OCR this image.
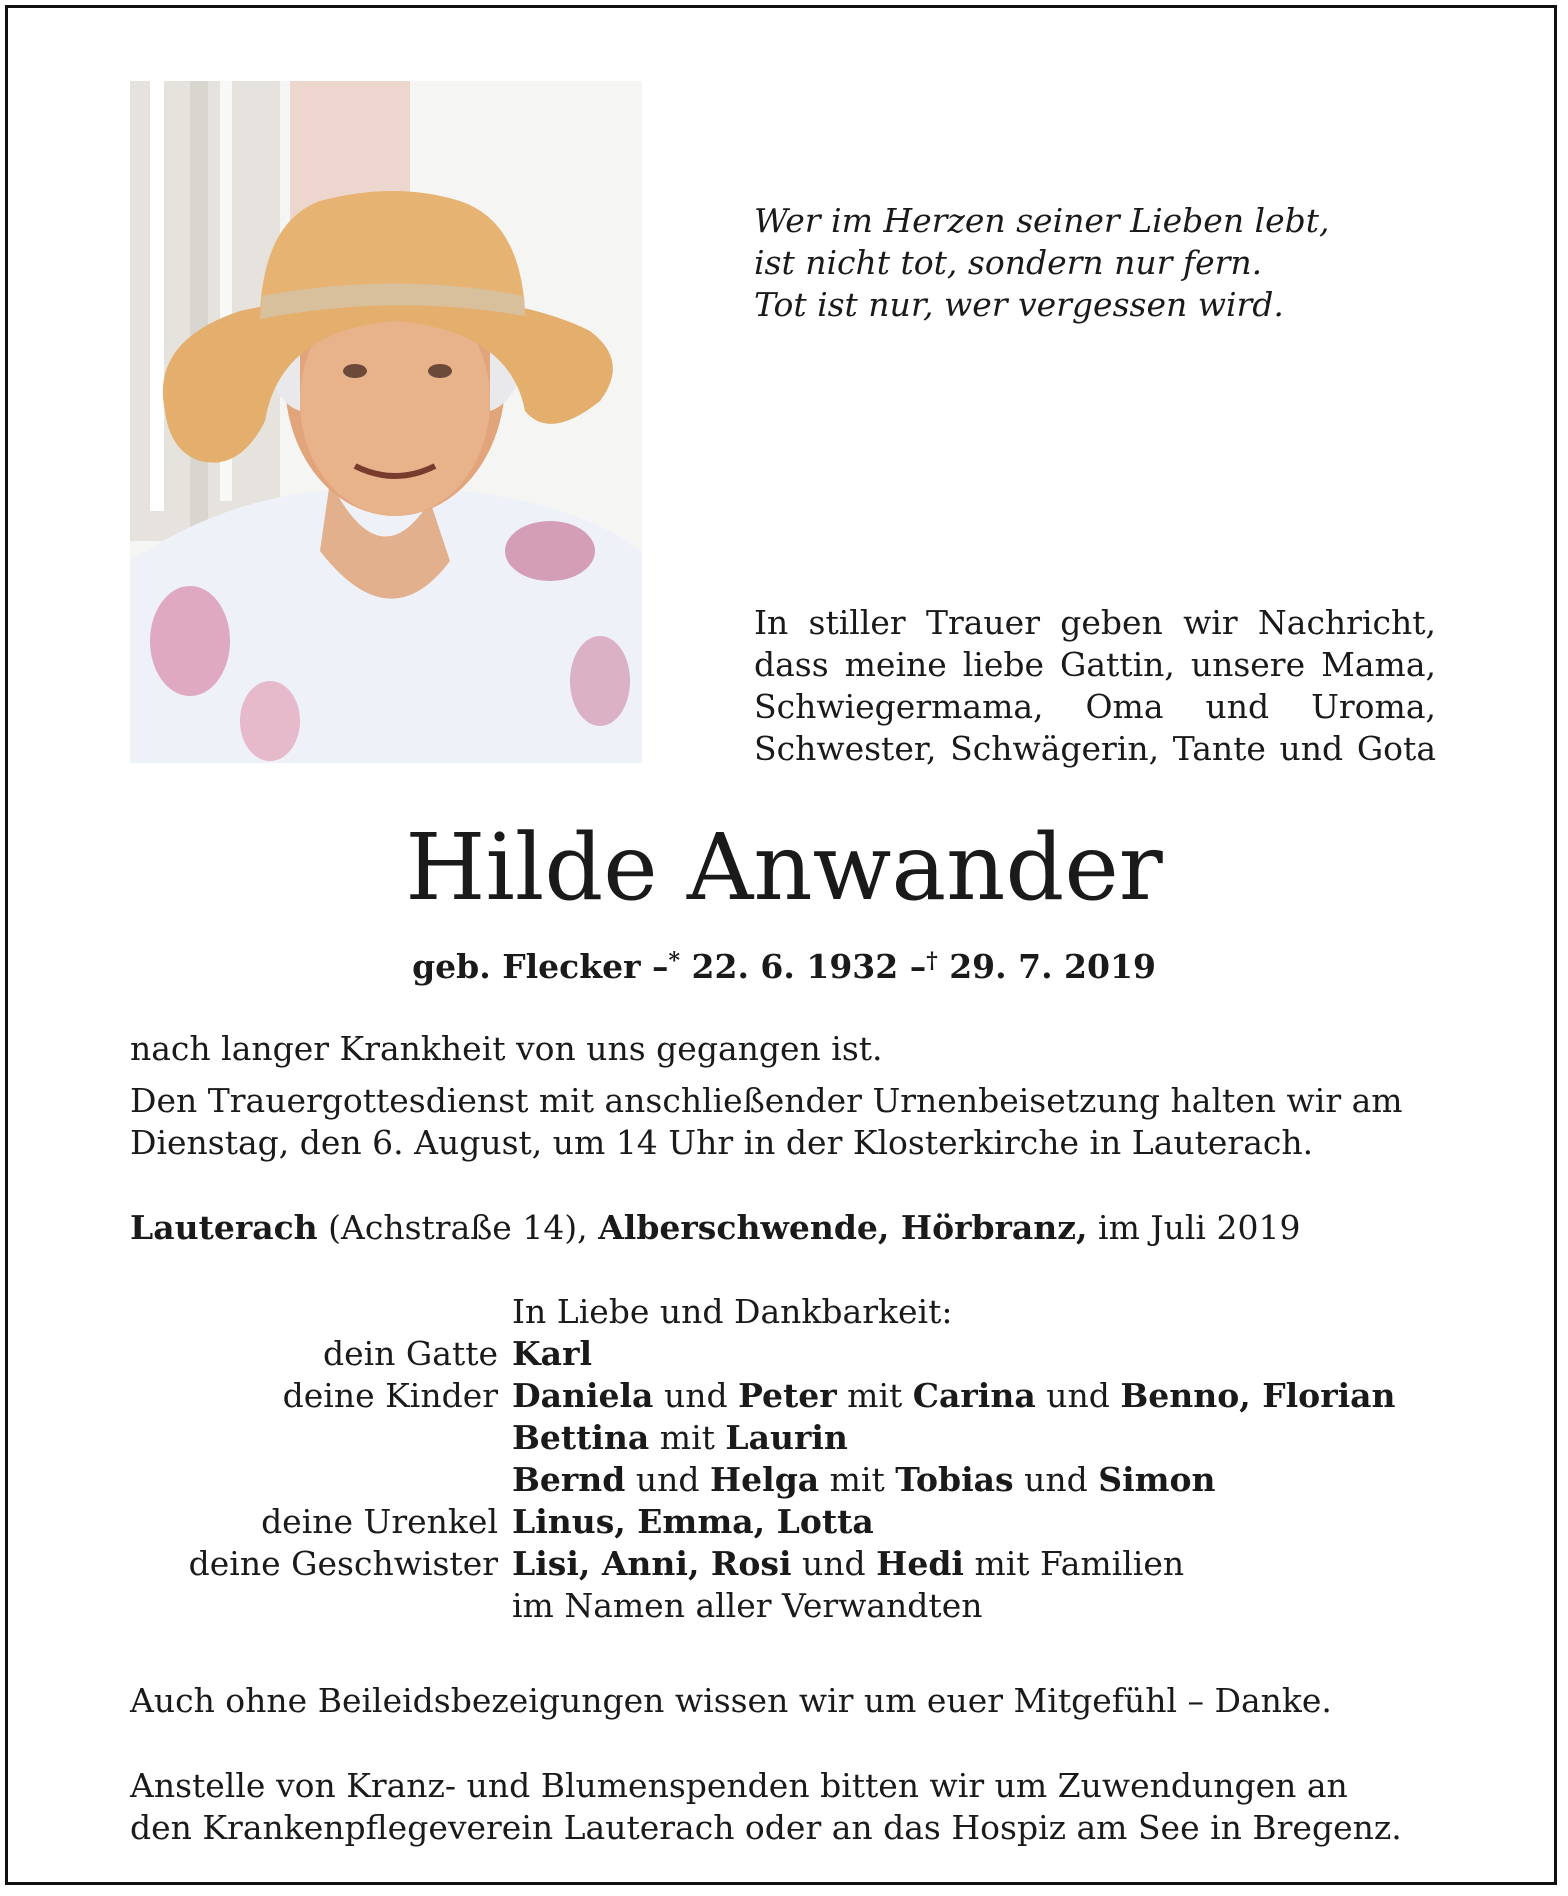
Wer im Herzen seiner Lieben lebt,
ist nicht tot, sondern nur fern.
Tot ist nur, wer vergessen wird.
In stiller Trauer geben wir Nachricht,
dass meine liebe Gattin, unsere Mama,
Schwiegermama, Oma und Uroma,
Schwester, Schwägerin, Tante und Gota
Hilde Anwander
geb. Flecker –* 22. 6. 1932 –† 29. 7. 2019

nach langer Krankheit von uns gegangen ist.

Den Trauergottesdienst mit anschließender Urnenbeisetzung halten wir am
Dienstag, den 6. August, um 14 Uhr in der Klosterkirche in Lauterach.
Lauterach (Achstraße 14), Alberschwende, Hörbranz, im Juli 2019
In Liebe und Dankbarkeit:
dein Gatte Karl
deine Kinder Daniela und Peter mit Carina und Benno, Florian
Bettina mit Laurin
Bernd und Helga mit Tobias und Simon
deine Urenkel Linus, Emma, Lotta
deine Geschwister Lisi, Anni, Rosi und Hedi mit Familien
im Namen aller Verwandten

Auch ohne Beileidsbezeigungen wissen wir um euer Mitgefühl – Danke.

Anstelle von Kranz- und Blumenspenden bitten wir um Zuwendungen an
den Krankenpflegeverein Lauterach oder an das Hospiz am See in Bregenz.
